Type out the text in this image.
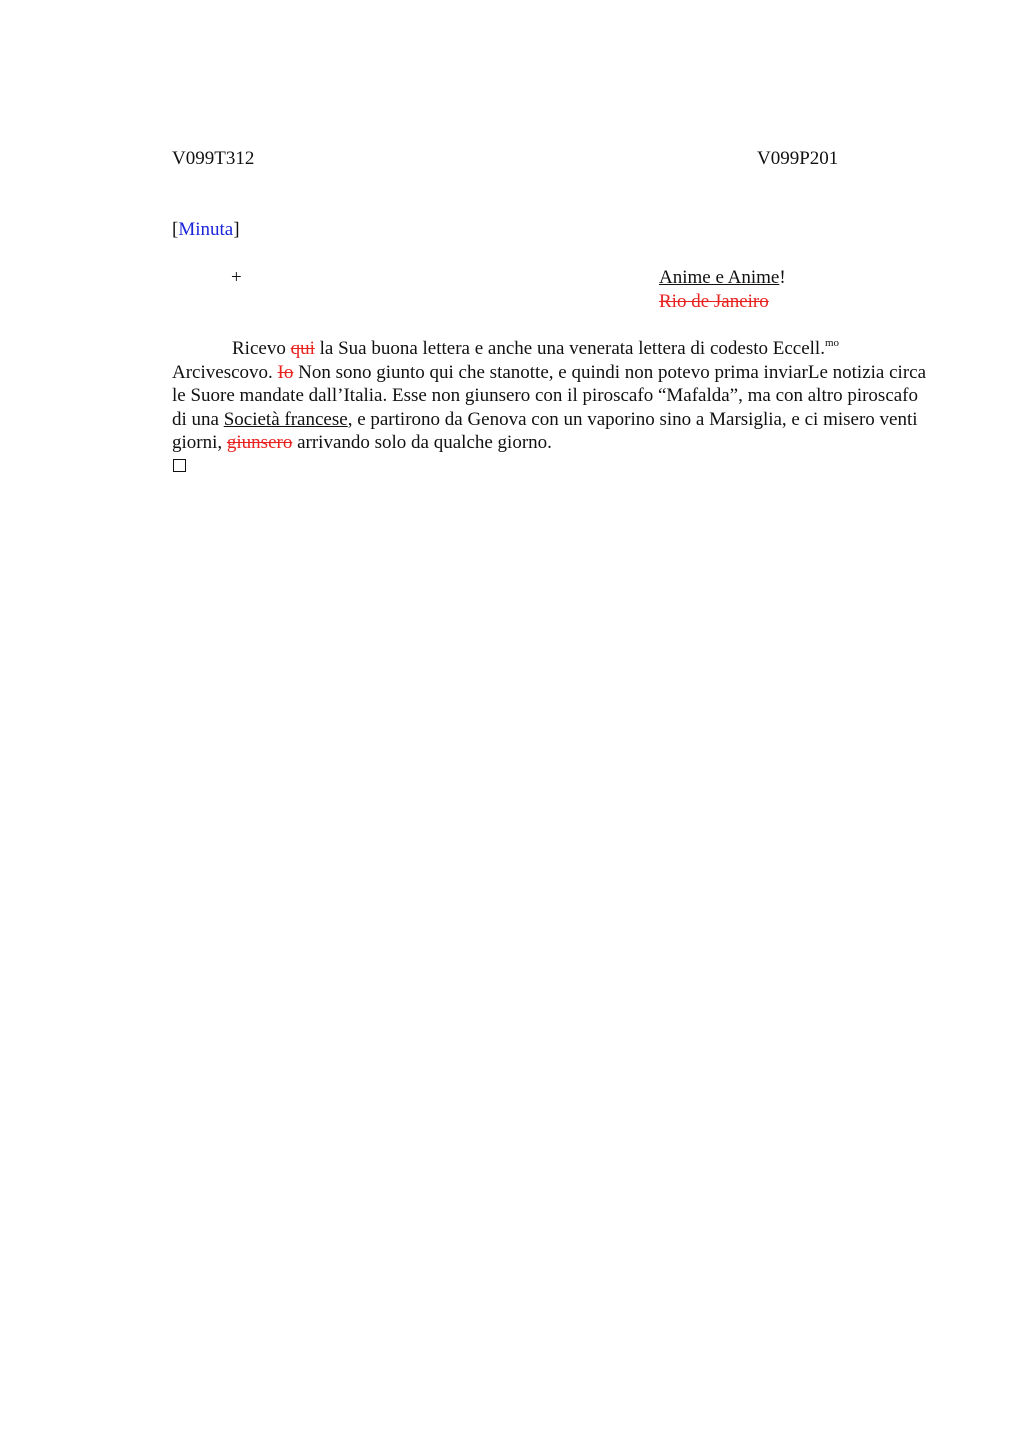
V099T312	V099P201
[Minuta]
+	Anime e Anime!
Rio de Janeiro

Ricevo qui la Sua buona lettera e anche una venerata lettera di codesto Eccell.$^{mo}$ Arcivescovo. Io Non sono giunto qui che stanotte, e quindi non potevo prima inviarLe notizia circa le Suore mandate dall’Italia. Esse non giunsero con il piroscafo “Mafalda”, ma con altro piroscafo di una Società francese, e partirono da Genova con un vaporino sino a Marsiglia, e ci misero venti giorni, giunsero arrivando solo da qualche giorno.
